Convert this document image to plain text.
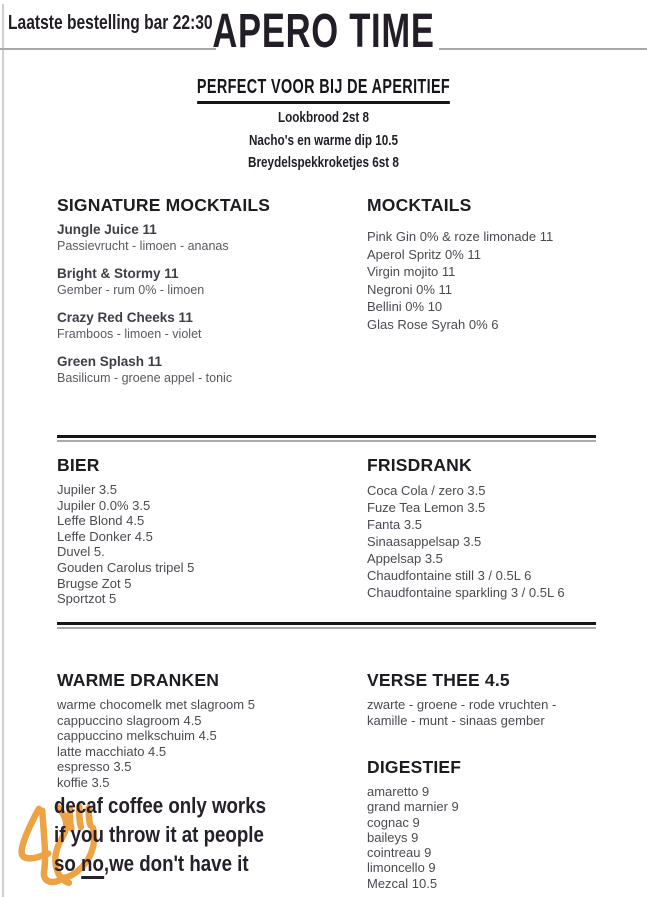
Laatste bestelling bar 22:30 APERO TIME
PERFECT VOOR BIJ DE APERITIEF
Lookbrood 2st 8
Nacho's en warme dip 10.5
Breydelspekkroketjes 6st 8
SIGNATURE MOCKTAILS
Jungle Juice 11
Passievrucht - limoen - ananas
Bright & Stormy 11
Gember - rum 0% - limoen
Crazy Red Cheeks 11
Framboos - limoen - violet
Green Splash 11
Basilicum - groene appel - tonic
MOCKTAILS
Pink Gin 0% & roze limonade 11
Aperol Spritz 0% 11
Virgin mojito 11
Negroni 0% 11
Bellini 0% 10
Glas Rose Syrah 0% 6
BIER
Jupiler 3.5
Jupiler 0.0% 3.5
Leffe Blond 4.5
Leffe Donker 4.5
Duvel 5.
Gouden Carolus tripel 5
Brugse Zot 5
Sportzot 5
FRISDRANK
Coca Cola / zero 3.5
Fuze Tea Lemon 3.5
Fanta 3.5
Sinaasappelsap 3.5
Appelsap 3.5
Chaudfontaine still 3 / 0.5L 6
Chaudfontaine sparkling 3 / 0.5L 6
WARME DRANKEN
warme chocomelk met slagroom 5
cappuccino slagroom 4.5
cappuccino melkschuim 4.5
latte macchiato 4.5
espresso 3.5
koffie 3.5
VERSE THEE 4.5
zwarte - groene - rode vruchten -
kamille - munt - sinaas gember
DIGESTIEF
amaretto 9
grand marnier 9
cognac 9
baileys 9
cointreau 9
limoncello 9
Mezcal 10.5
decaf coffee only works
if you throw it at people
so no,we don't have it
